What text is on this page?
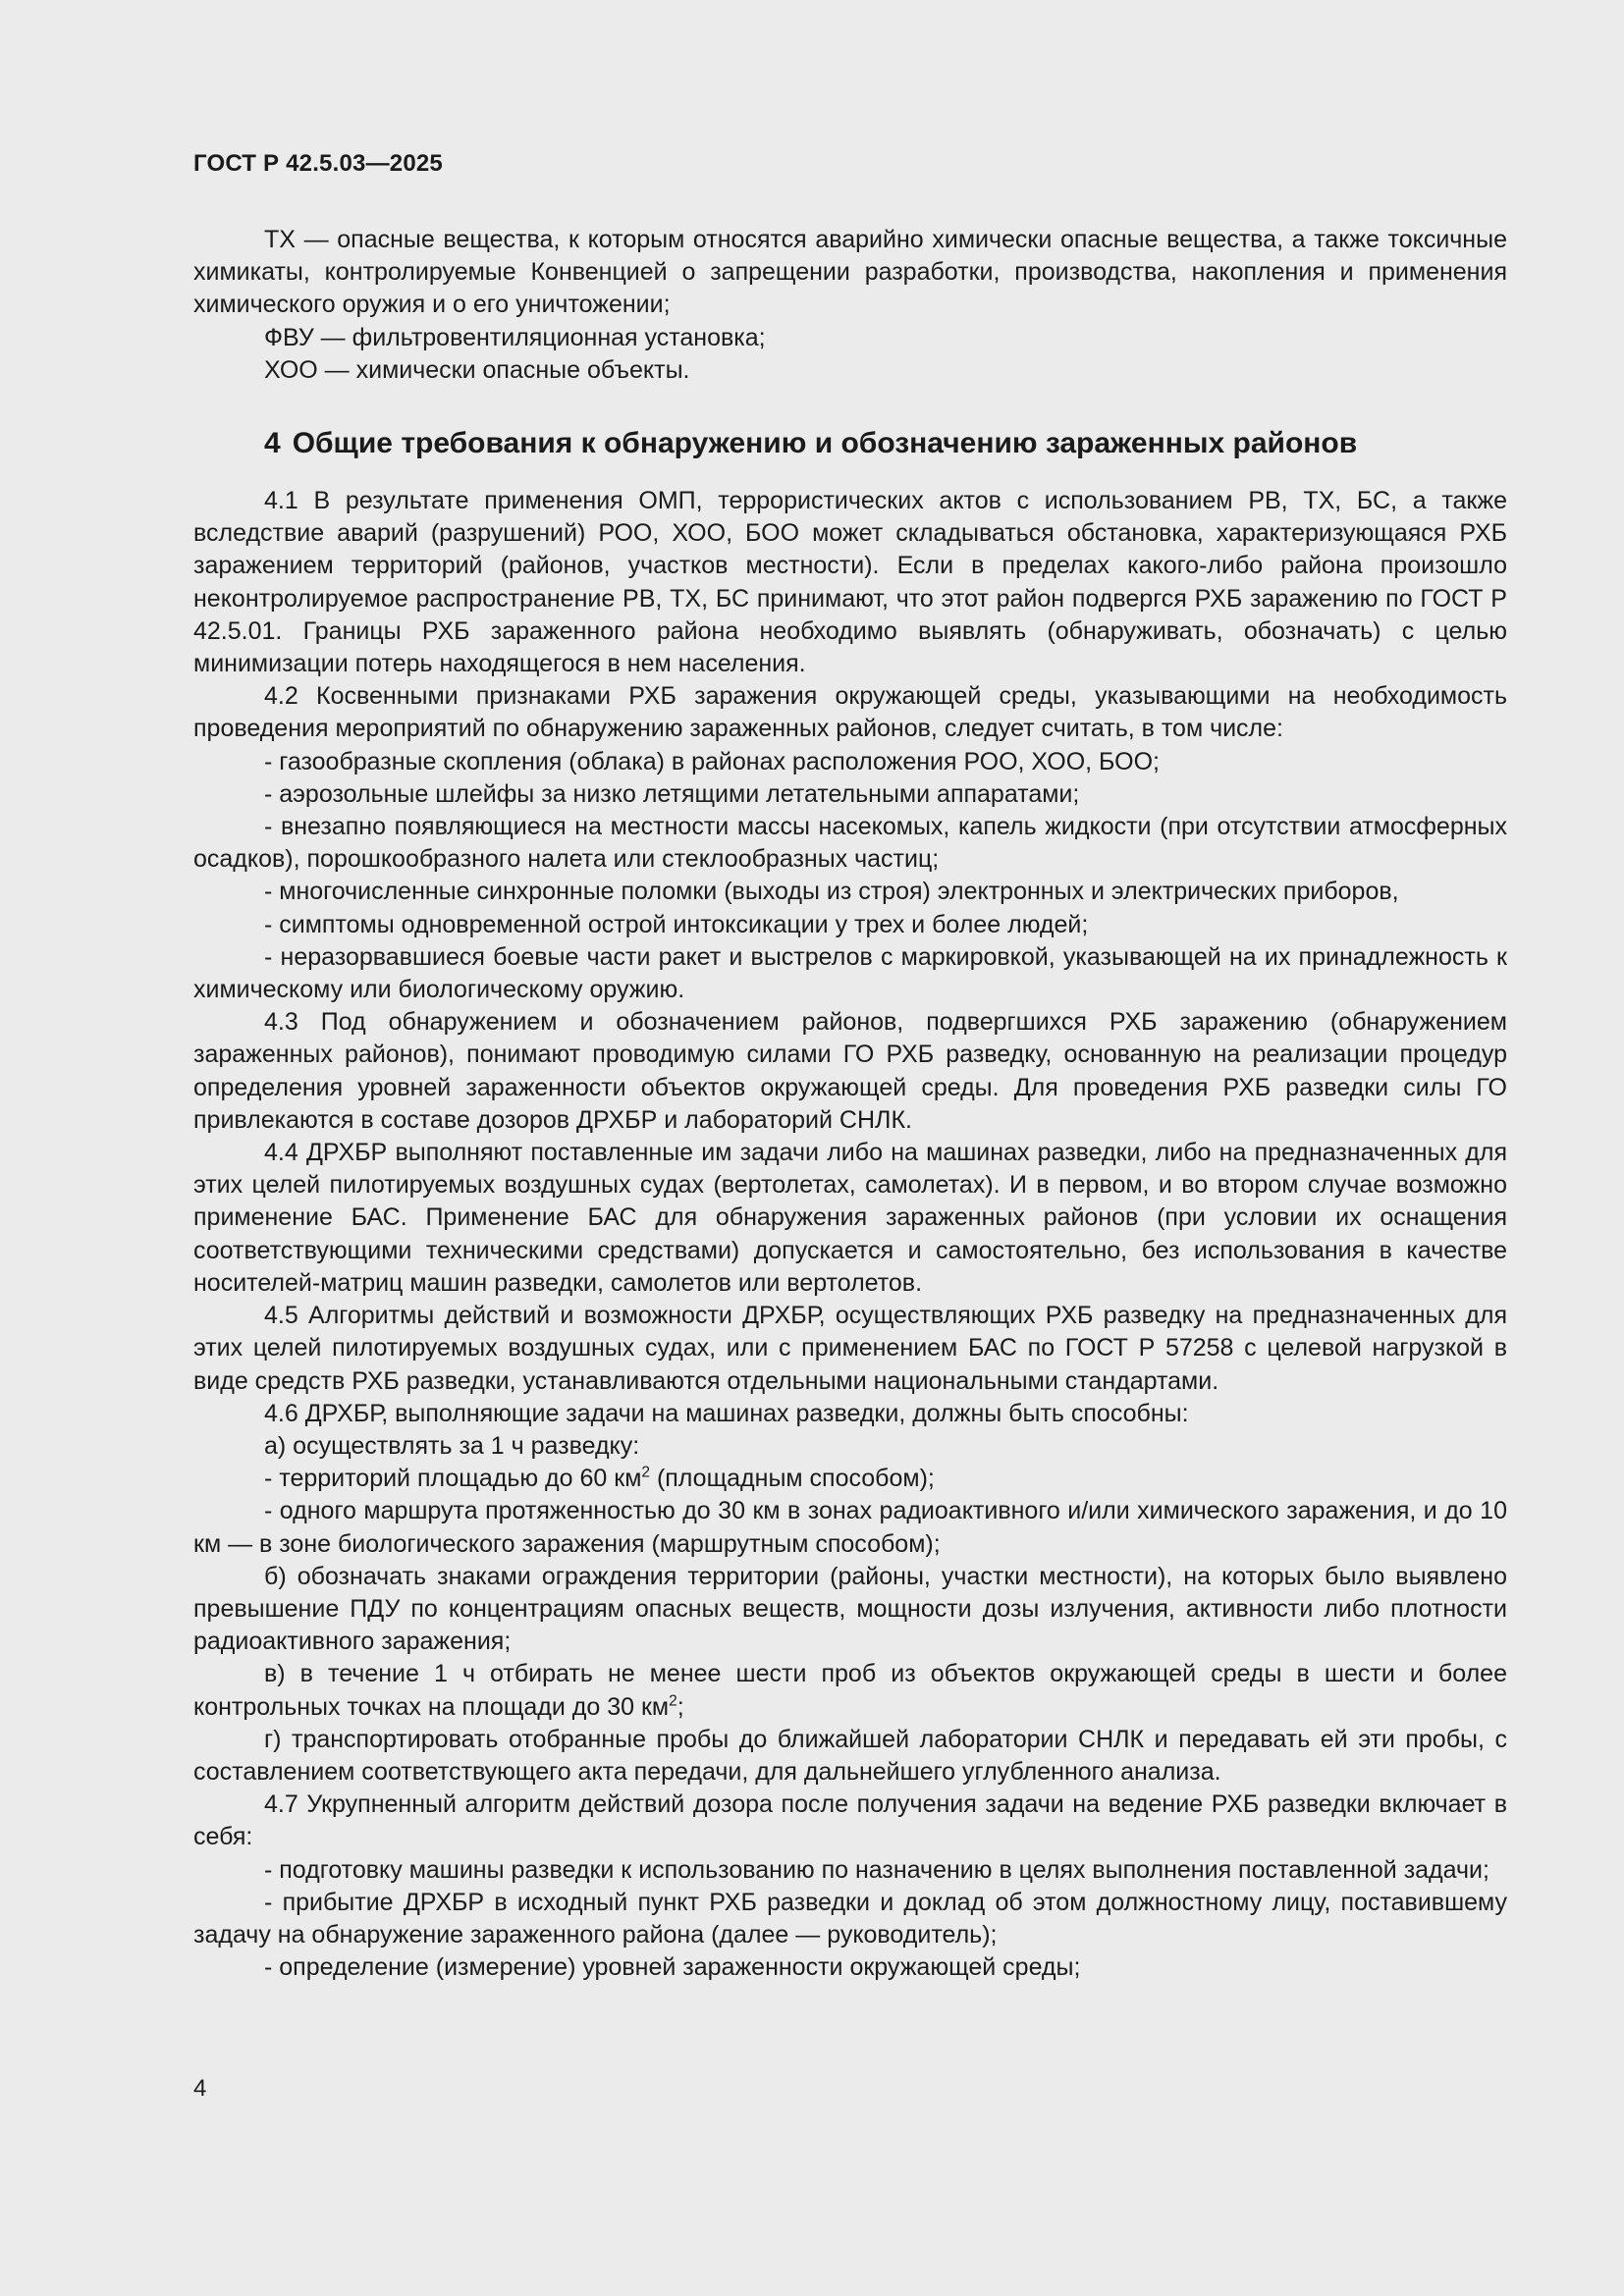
ГОСТ Р 42.5.03—2025

ТХ — опасные вещества, к которым относятся аварийно химически опасные вещества, а также токсичные химикаты, контролируемые Конвенцией о запрещении разработки, производства, накопления и применения химического оружия и о его уничтожении;

ФВУ — фильтровентиляционная установка;

ХОО — химически опасные объекты.

4 Общие требования к обнаружению и обозначению зараженных районов

4.1 В результате применения ОМП, террористических актов с использованием РВ, ТХ, БС, а также вследствие аварий (разрушений) РОО, ХОО, БОО может складываться обстановка, характеризующаяся РХБ заражением территорий (районов, участков местности). Если в пределах какого-либо района произошло неконтролируемое распространение РВ, ТХ, БС принимают, что этот район подвергся РХБ заражению по ГОСТ Р 42.5.01. Границы РХБ зараженного района необходимо выявлять (обнаруживать, обозначать) с целью минимизации потерь находящегося в нем населения.

4.2 Косвенными признаками РХБ заражения окружающей среды, указывающими на необходимость проведения мероприятий по обнаружению зараженных районов, следует считать, в том числе:

- газообразные скопления (облака) в районах расположения РОО, ХОО, БОО;

- аэрозольные шлейфы за низко летящими летательными аппаратами;

- внезапно появляющиеся на местности массы насекомых, капель жидкости (при отсутствии атмосферных осадков), порошкообразного налета или стеклообразных частиц;

- многочисленные синхронные поломки (выходы из строя) электронных и электрических приборов,

- симптомы одновременной острой интоксикации у трех и более людей;

- неразорвавшиеся боевые части ракет и выстрелов с маркировкой, указывающей на их принадлежность к химическому или биологическому оружию.

4.3 Под обнаружением и обозначением районов, подвергшихся РХБ заражению (обнаружением зараженных районов), понимают проводимую силами ГО РХБ разведку, основанную на реализации процедур определения уровней зараженности объектов окружающей среды. Для проведения РХБ разведки силы ГО привлекаются в составе дозоров ДРХБР и лабораторий СНЛК.

4.4 ДРХБР выполняют поставленные им задачи либо на машинах разведки, либо на предназначенных для этих целей пилотируемых воздушных судах (вертолетах, самолетах). И в первом, и во втором случае возможно применение БАС. Применение БАС для обнаружения зараженных районов (при условии их оснащения соответствующими техническими средствами) допускается и самостоятельно, без использования в качестве носителей-матриц машин разведки, самолетов или вертолетов.

4.5 Алгоритмы действий и возможности ДРХБР, осуществляющих РХБ разведку на предназначенных для этих целей пилотируемых воздушных судах, или с применением БАС по ГОСТ Р 57258 с целевой нагрузкой в виде средств РХБ разведки, устанавливаются отдельными национальными стандартами.

4.6 ДРХБР, выполняющие задачи на машинах разведки, должны быть способны:

а) осуществлять за 1 ч разведку:

- территорий площадью до 60 $км^2$ (площадным способом);

- одного маршрута протяженностью до 30 км в зонах радиоактивного и/или химического заражения, и до 10 км — в зоне биологического заражения (маршрутным способом);

б) обозначать знаками ограждения территории (районы, участки местности), на которых было выявлено превышение ПДУ по концентрациям опасных веществ, мощности дозы излучения, активности либо плотности радиоактивного заражения;

в) в течение 1 ч отбирать не менее шести проб из объектов окружающей среды в шести и более контрольных точках на площади до 30 $км^2$;

г) транспортировать отобранные пробы до ближайшей лаборатории СНЛК и передавать ей эти пробы, с составлением соответствующего акта передачи, для дальнейшего углубленного анализа.

4.7 Укрупненный алгоритм действий дозора после получения задачи на ведение РХБ разведки включает в себя:

- подготовку машины разведки к использованию по назначению в целях выполнения поставленной задачи;

- прибытие ДРХБР в исходный пункт РХБ разведки и доклад об этом должностному лицу, поставившему задачу на обнаружение зараженного района (далее — руководитель);

- определение (измерение) уровней зараженности окружающей среды;

4
